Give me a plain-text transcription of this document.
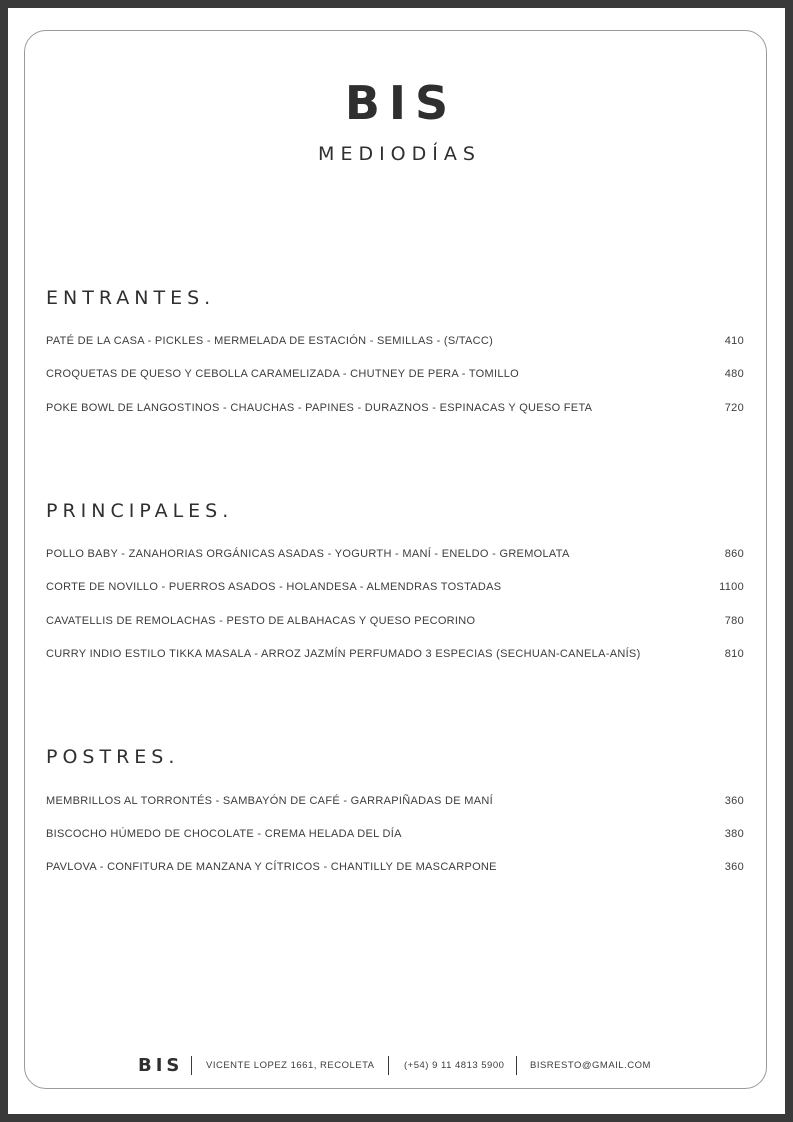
BIS
MEDIODÍAS
ENTRANTES.
PATÉ DE LA CASA - PICKLES - MERMELADA DE ESTACIÓN - SEMILLAS - (S/TACC)	410
CROQUETAS DE QUESO Y CEBOLLA CARAMELIZADA - CHUTNEY DE PERA - TOMILLO	480
POKE BOWL DE LANGOSTINOS - CHAUCHAS - PAPINES - DURAZNOS - ESPINACAS Y QUESO FETA	720
PRINCIPALES.
POLLO BABY - ZANAHORIAS ORGÁNICAS ASADAS - YOGURTH - MANÍ - ENELDO - GREMOLATA	860
CORTE DE NOVILLO - PUERROS ASADOS - HOLANDESA - ALMENDRAS TOSTADAS	1100
CAVATELLIS DE REMOLACHAS - PESTO DE ALBAHACAS Y QUESO PECORINO	780
CURRY INDIO ESTILO TIKKA MASALA - ARROZ JAZMÍN PERFUMADO 3 ESPECIAS (SECHUAN-CANELA-ANÍS)	810
POSTRES.
MEMBRILLOS AL TORRONTÉS - SAMBAYÓN DE CAFÉ - GARRAPIÑADAS DE MANÍ	360
BISCOCHO HÚMEDO DE CHOCOLATE - CREMA HELADA DEL DÍA	380
PAVLOVA - CONFITURA DE MANZANA Y CÍTRICOS - CHANTILLY DE MASCARPONE	360
BIS VICENTE LOPEZ 1661, RECOLETA	(+54) 9 11 4813 5900	BISRESTO@GMAIL.COM
